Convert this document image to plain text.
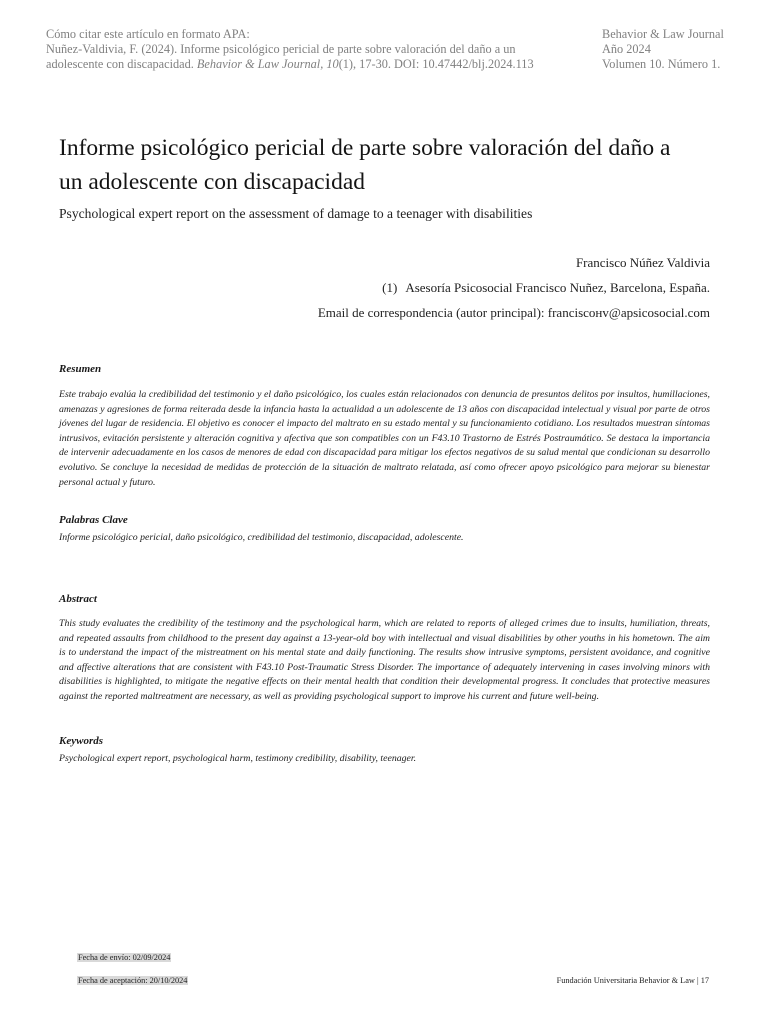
Cómo citar este artículo en formato APA:
Nuñez-Valdivia, F. (2024). Informe psicológico pericial de parte sobre valoración del daño a un
adolescente con discapacidad. Behavior & Law Journal, 10(1), 17-30. DOI: 10.47442/blj.2024.113
Behavior & Law Journal
Año 2024
Volumen 10. Número 1.
Informe psicológico pericial de parte sobre valoración del daño a
un adolescente con discapacidad
Psychological expert report on the assessment of damage to a teenager with disabilities
Francisco Núñez Valdivia
(1) Asesoría Psicosocial Francisco Nuñez, Barcelona, España.
Email de correspondencia (autor principal): franciscонv@apsicosocial.com
Resumen
Este trabajo evalúa la credibilidad del testimonio y el daño psicológico, los cuales están relacionados con denuncia de presuntos delitos por insultos, humillaciones, amenazas y agresiones de forma reiterada desde la infancia hasta la actualidad a un adolescente de 13 años con discapacidad intelectual y visual por parte de otros jóvenes del lugar de residencia. El objetivo es conocer el impacto del maltrato en su estado mental y su funcionamiento cotidiano. Los resultados muestran síntomas intrusivos, evitación persistente y alteración cognitiva y afectiva que son compatibles con un F43.10 Trastorno de Estrés Postraumático. Se destaca la importancia de intervenir adecuadamente en los casos de menores de edad con discapacidad para mitigar los efectos negativos de su salud mental que condicionan su desarrollo evolutivo. Se concluye la necesidad de medidas de protección de la situación de maltrato relatada, así como ofrecer apoyo psicológico para mejorar su bienestar personal actual y futuro.
Palabras Clave
Informe psicológico pericial, daño psicológico, credibilidad del testimonio, discapacidad, adolescente.
Abstract
This study evaluates the credibility of the testimony and the psychological harm, which are related to reports of alleged crimes due to insults, humiliation, threats, and repeated assaults from childhood to the present day against a 13-year-old boy with intellectual and visual disabilities by other youths in his hometown. The aim is to understand the impact of the mistreatment on his mental state and daily functioning. The results show intrusive symptoms, persistent avoidance, and cognitive and affective alterations that are consistent with F43.10 Post-Traumatic Stress Disorder. The importance of adequately intervening in cases involving minors with disabilities is highlighted, to mitigate the negative effects on their mental health that condition their developmental progress. It concludes that protective measures against the reported maltreatment are necessary, as well as providing psychological support to improve his current and future well-being.
Keywords
Psychological expert report, psychological harm, testimony credibility, disability, teenager.
Fecha de envío: 02/09/2024
Fecha de aceptación: 20/10/2024	Fundación Universitaria Behavior & Law | 17
